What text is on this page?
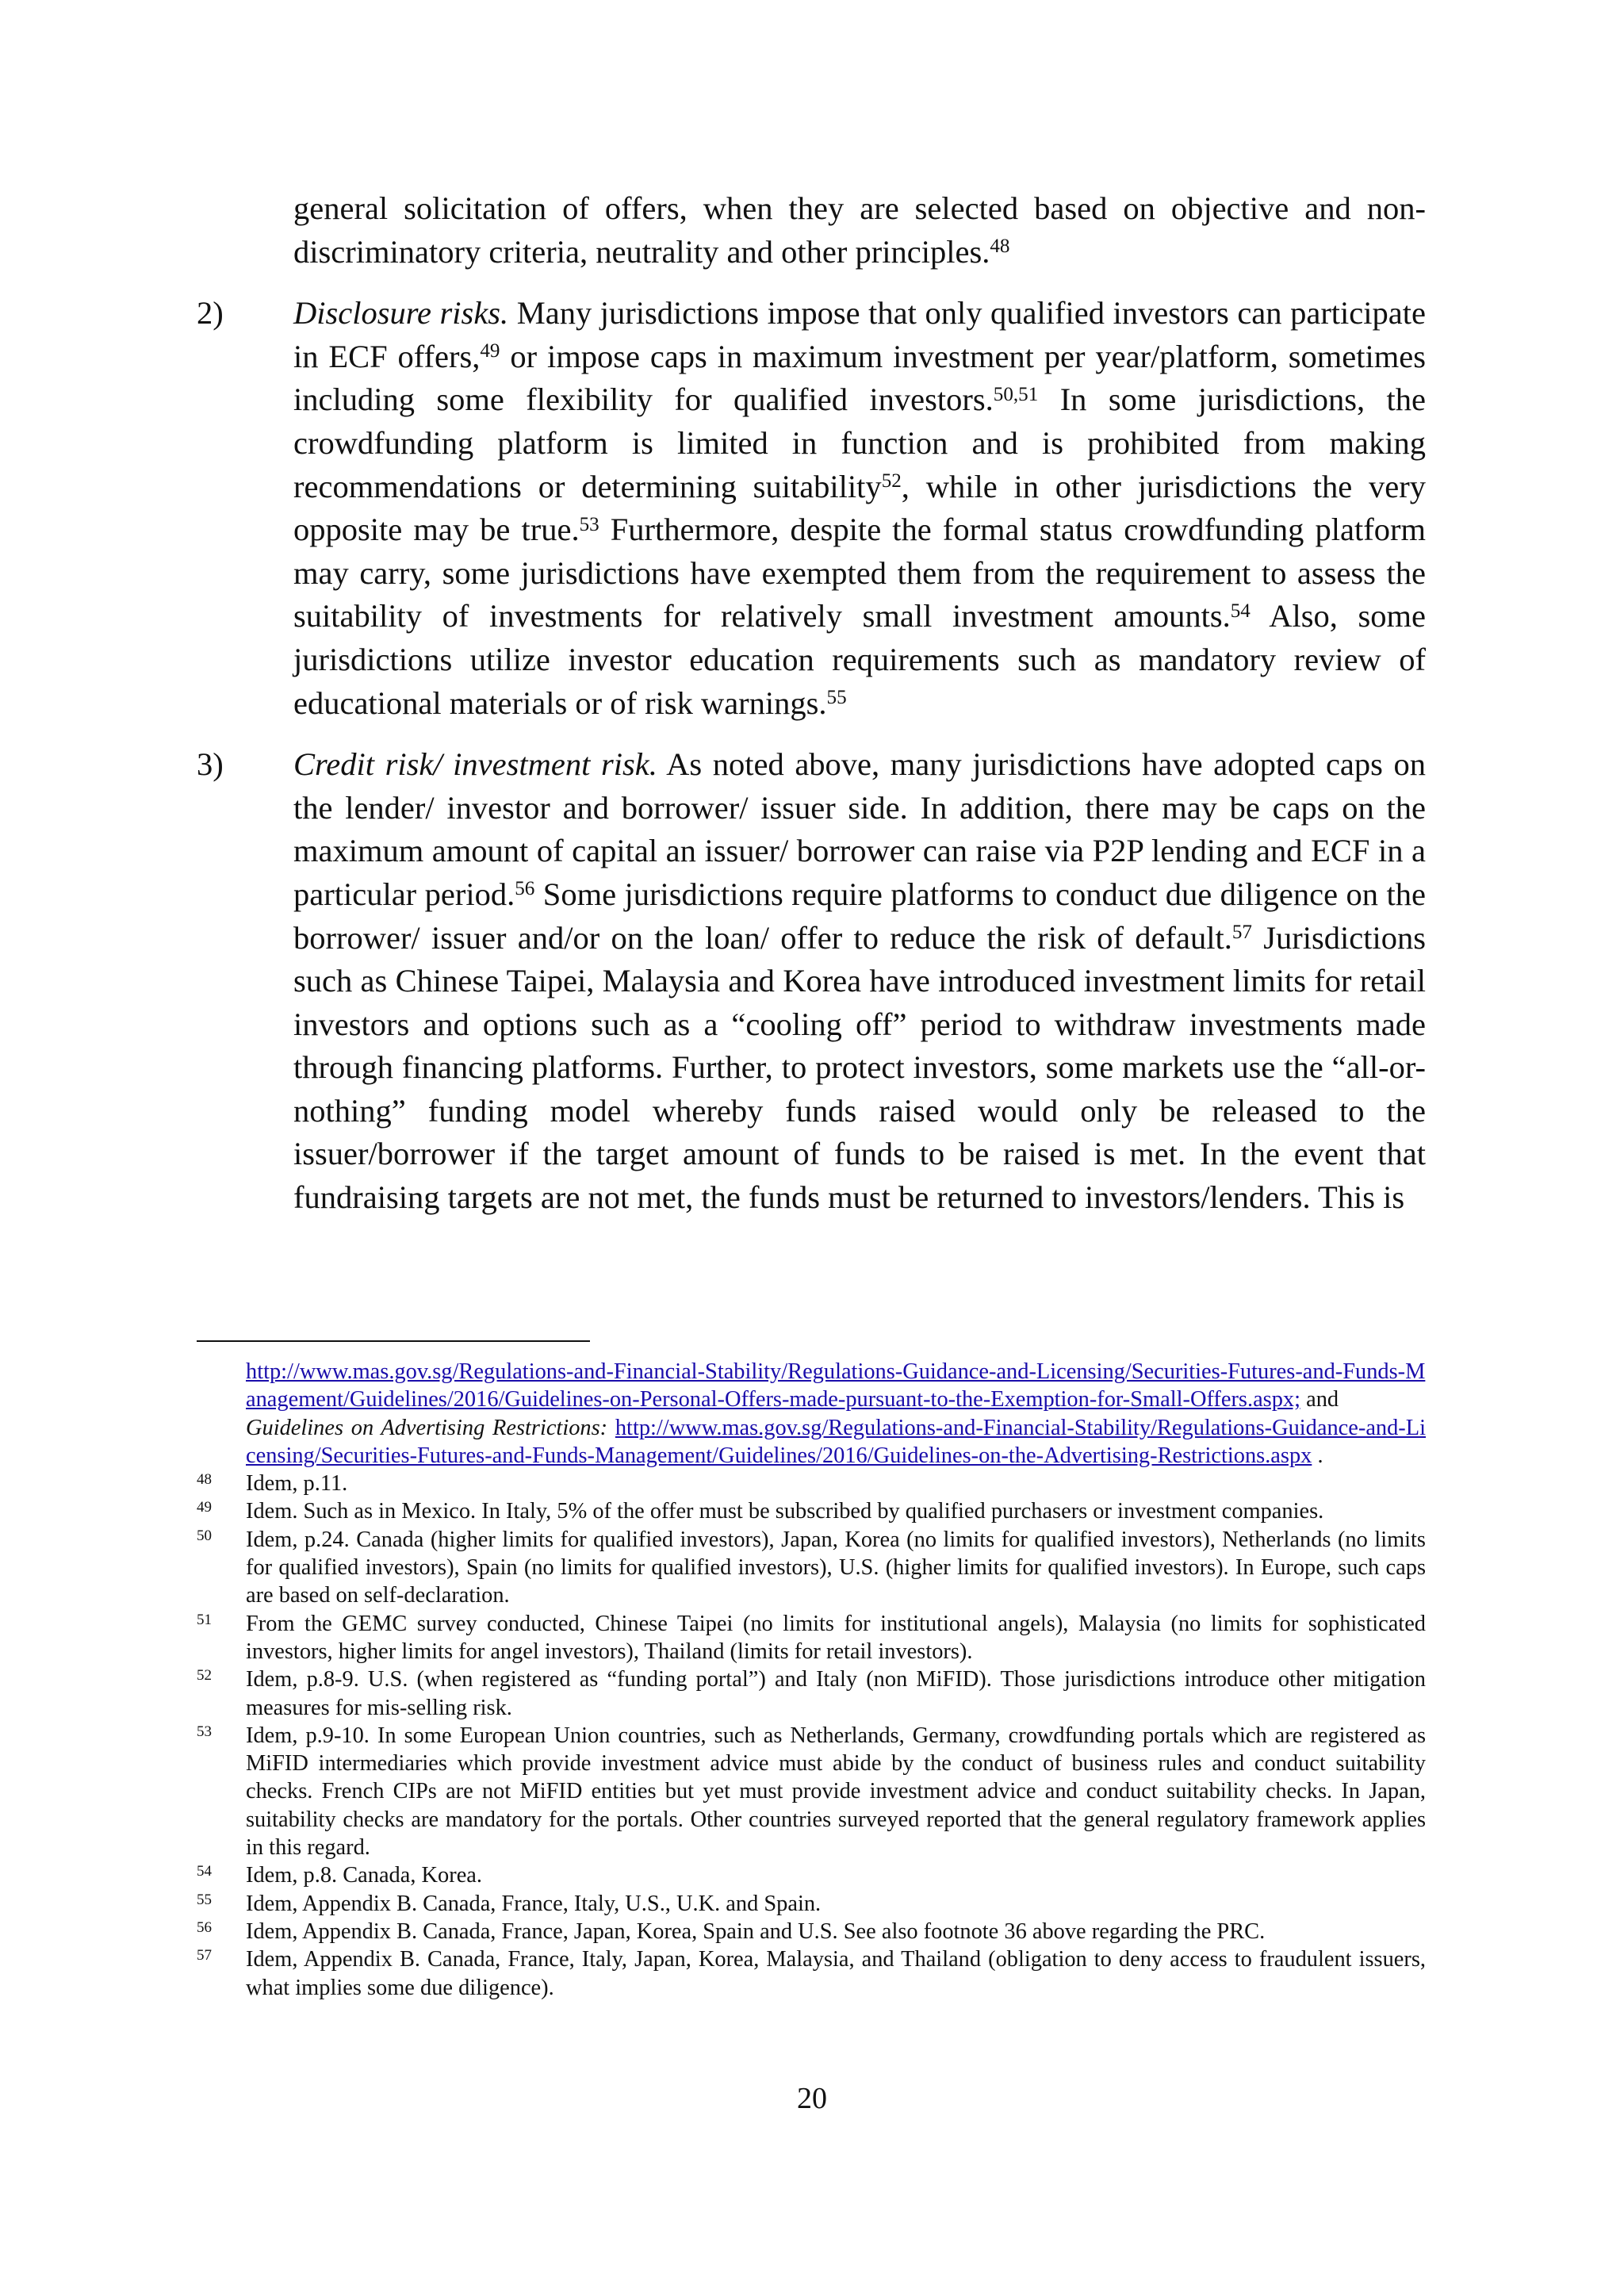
general solicitation of offers, when they are selected based on objective and non-discriminatory criteria, neutrality and other principles.$^{48}$

2) Disclosure risks. Many jurisdictions impose that only qualified investors can participate in ECF offers,$^{49}$ or impose caps in maximum investment per year/platform, sometimes including some flexibility for qualified investors.$^{50,51}$ In some jurisdictions, the crowdfunding platform is limited in function and is prohibited from making recommendations or determining suitability$^{52}$, while in other jurisdictions the very opposite may be true.$^{53}$ Furthermore, despite the formal status crowdfunding platform may carry, some jurisdictions have exempted them from the requirement to assess the suitability of investments for relatively small investment amounts.$^{54}$ Also, some jurisdictions utilize investor education requirements such as mandatory review of educational materials or of risk warnings.$^{55}$

3) Credit risk/ investment risk. As noted above, many jurisdictions have adopted caps on the lender/ investor and borrower/ issuer side. In addition, there may be caps on the maximum amount of capital an issuer/ borrower can raise via P2P lending and ECF in a particular period.$^{56}$ Some jurisdictions require platforms to conduct due diligence on the borrower/ issuer and/or on the loan/ offer to reduce the risk of default.$^{57}$ Jurisdictions such as Chinese Taipei, Malaysia and Korea have introduced investment limits for retail investors and options such as a “cooling off” period to withdraw investments made through financing platforms. Further, to protect investors, some markets use the “all-or-nothing” funding model whereby funds raised would only be released to the issuer/borrower if the target amount of funds to be raised is met. In the event that fundraising targets are not met, the funds must be returned to investors/lenders. This is

http://www.mas.gov.sg/Regulations-and-Financial-Stability/Regulations-Guidance-and-Licensing/Securities-Futures-and-Funds-Management/Guidelines/2016/Guidelines-on-Personal-Offers-made-pursuant-to-the-Exemption-for-Small-Offers.aspx; and
Guidelines on Advertising Restrictions: http://www.mas.gov.sg/Regulations-and-Financial-Stability/Regulations-Guidance-and-Licensing/Securities-Futures-and-Funds-Management/Guidelines/2016/Guidelines-on-the-Advertising-Restrictions.aspx .
48 Idem, p.11.
49 Idem. Such as in Mexico. In Italy, 5% of the offer must be subscribed by qualified purchasers or investment companies.
50 Idem, p.24. Canada (higher limits for qualified investors), Japan, Korea (no limits for qualified investors), Netherlands (no limits for qualified investors), Spain (no limits for qualified investors), U.S. (higher limits for qualified investors). In Europe, such caps are based on self-declaration.
51 From the GEMC survey conducted, Chinese Taipei (no limits for institutional angels), Malaysia (no limits for sophisticated investors, higher limits for angel investors), Thailand (limits for retail investors).
52 Idem, p.8-9. U.S. (when registered as “funding portal”) and Italy (non MiFID). Those jurisdictions introduce other mitigation measures for mis-selling risk.
53 Idem, p.9-10. In some European Union countries, such as Netherlands, Germany, crowdfunding portals which are registered as MiFID intermediaries which provide investment advice must abide by the conduct of business rules and conduct suitability checks. French CIPs are not MiFID entities but yet must provide investment advice and conduct suitability checks. In Japan, suitability checks are mandatory for the portals. Other countries surveyed reported that the general regulatory framework applies in this regard.
54 Idem, p.8. Canada, Korea.
55 Idem, Appendix B. Canada, France, Italy, U.S., U.K. and Spain.
56 Idem, Appendix B. Canada, France, Japan, Korea, Spain and U.S. See also footnote 36 above regarding the PRC.
57 Idem, Appendix B. Canada, France, Italy, Japan, Korea, Malaysia, and Thailand (obligation to deny access to fraudulent issuers, what implies some due diligence).
20
